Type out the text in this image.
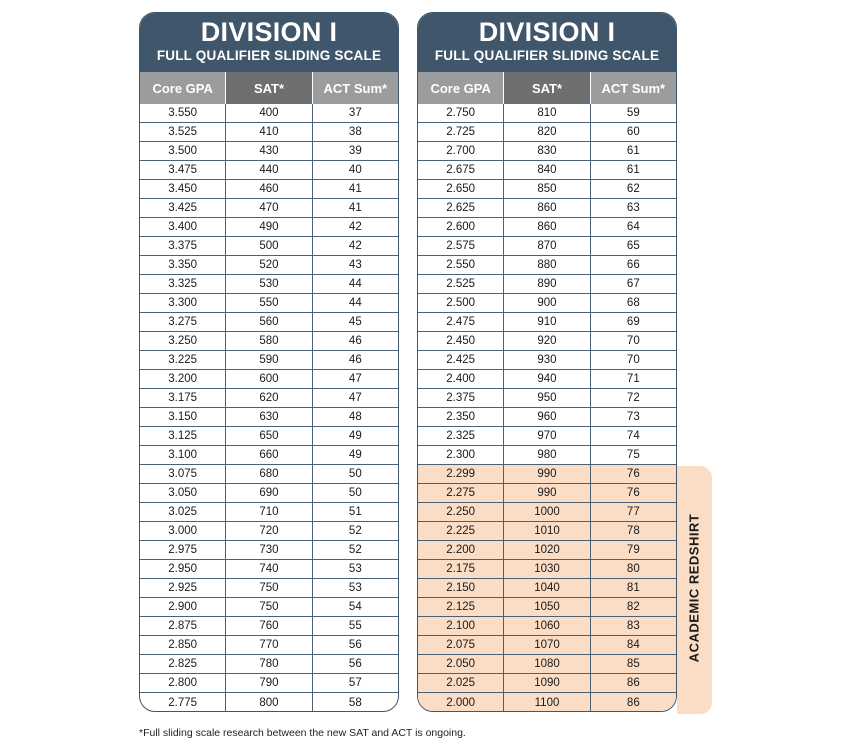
DIVISION I
FULL QUALIFIER SLIDING SCALE
Core GPA	SAT*	ACT Sum*
3.550	400	37
3.525	410	38
3.500	430	39
3.475	440	40
3.450	460	41
3.425	470	41
3.400	490	42
3.375	500	42
3.350	520	43
3.325	530	44
3.300	550	44
3.275	560	45
3.250	580	46
3.225	590	46
3.200	600	47
3.175	620	47
3.150	630	48
3.125	650	49
3.100	660	49
3.075	680	50
3.050	690	50
3.025	710	51
3.000	720	52
2.975	730	52
2.950	740	53
2.925	750	53
2.900	750	54
2.875	760	55
2.850	770	56
2.825	780	56
2.800	790	57
2.775	800	58
DIVISION I
FULL QUALIFIER SLIDING SCALE
Core GPA	SAT*	ACT Sum*
2.750	810	59
2.725	820	60
2.700	830	61
2.675	840	61
2.650	850	62
2.625	860	63
2.600	860	64
2.575	870	65
2.550	880	66
2.525	890	67
2.500	900	68
2.475	910	69
2.450	920	70
2.425	930	70
2.400	940	71
2.375	950	72
2.350	960	73
2.325	970	74
2.300	980	75
2.299	990	76
2.275	990	76
2.250	1000	77
2.225	1010	78
2.200	1020	79
2.175	1030	80
2.150	1040	81
2.125	1050	82
2.100	1060	83
2.075	1070	84
2.050	1080	85
2.025	1090	86
2.000	1100	86
ACADEMIC REDSHIRT
*Full sliding scale research between the new SAT and ACT is ongoing.
